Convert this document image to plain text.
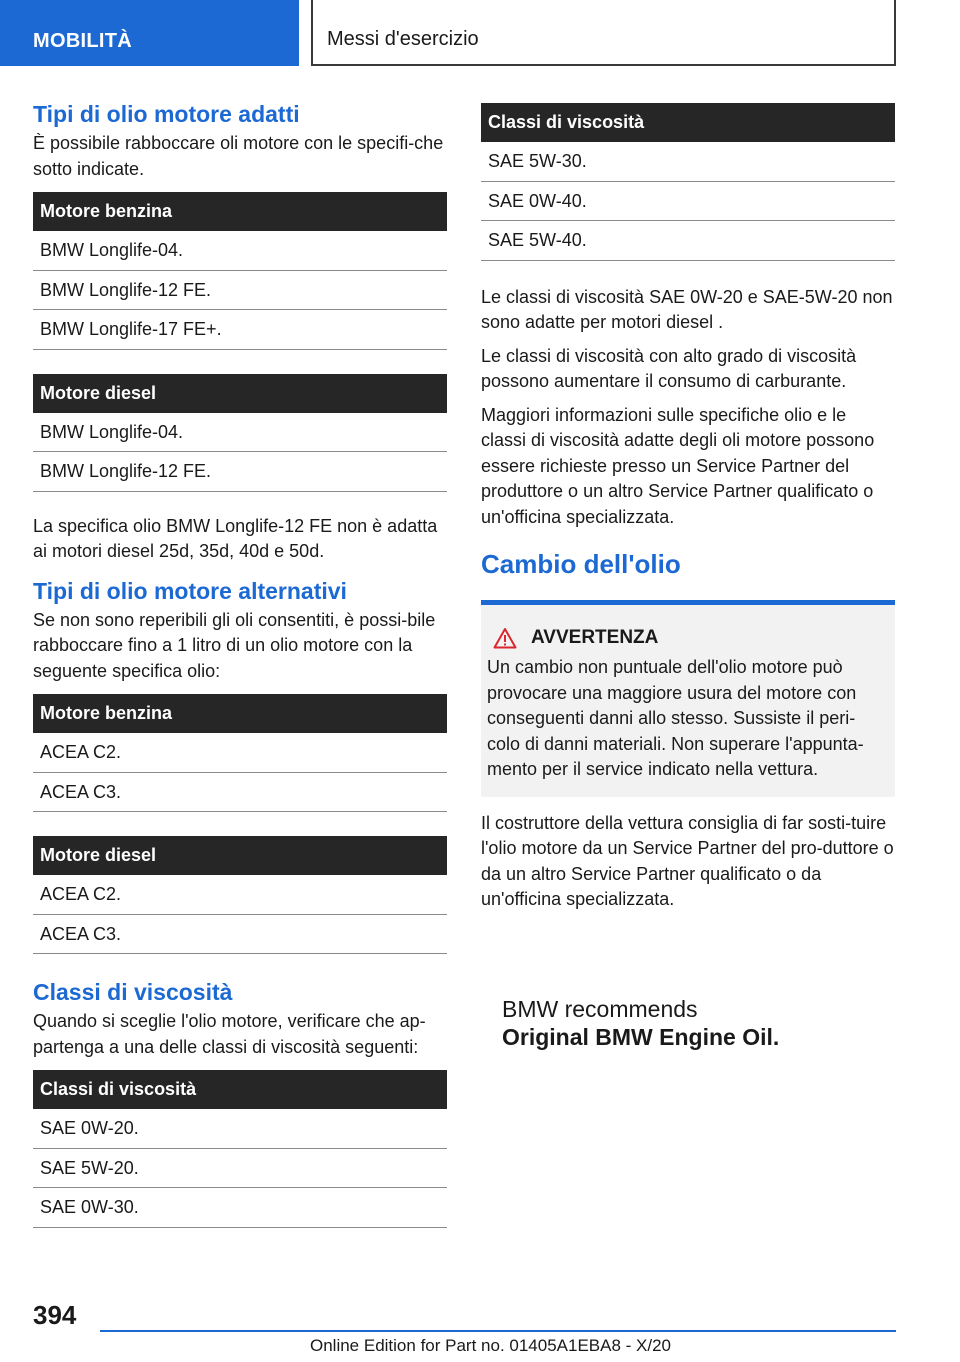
MOBILITÀ	Messi d'esercizio
Tipi di olio motore adatti

È possibile rabboccare oli motore con le specifi-che sotto indicate.

Motore benzina
BMW Longlife-04.
BMW Longlife-12 FE.
BMW Longlife-17 FE+.
Motore diesel
BMW Longlife-04.
BMW Longlife-12 FE.

La specifica olio BMW Longlife-12 FE non è adatta ai motori diesel 25d, 35d, 40d e 50d.

Tipi di olio motore alternativi

Se non sono reperibili gli oli consentiti, è possi-bile rabboccare fino a 1 litro di un olio motore con la seguente specifica olio:

Motore benzina
ACEA C2.
ACEA C3.
Motore diesel
ACEA C2.
ACEA C3.
Classi di viscosità

Quando si sceglie l'olio motore, verificare che ap-partenga a una delle classi di viscosità seguenti:

Classi di viscosità
SAE 0W-20.
SAE 5W-20.
SAE 0W-30.
Classi di viscosità
SAE 5W-30.
SAE 0W-40.
SAE 5W-40.

Le classi di viscosità SAE 0W-20 e SAE-5W-20 non sono adatte per motori diesel .

Le classi di viscosità con alto grado di viscosità possono aumentare il consumo di carburante.

Maggiori informazioni sulle specifiche olio e le classi di viscosità adatte degli oli motore possono essere richieste presso un Service Partner del produttore o un altro Service Partner qualificato o un'officina specializzata.

Cambio dell'olio
AVVERTENZA

Un cambio non puntuale dell'olio motore può provocare una maggiore usura del motore con conseguenti danni allo stesso. Sussiste il peri-colo di danni materiali. Non superare l'appunta-mento per il service indicato nella vettura.

Il costruttore della vettura consiglia di far sosti-tuire l'olio motore da un Service Partner del pro-duttore o da un altro Service Partner qualificato o da un'officina specializzata.

BMW recommends
Original BMW Engine Oil.
394
Online Edition for Part no. 01405A1EBA8 - X/20
